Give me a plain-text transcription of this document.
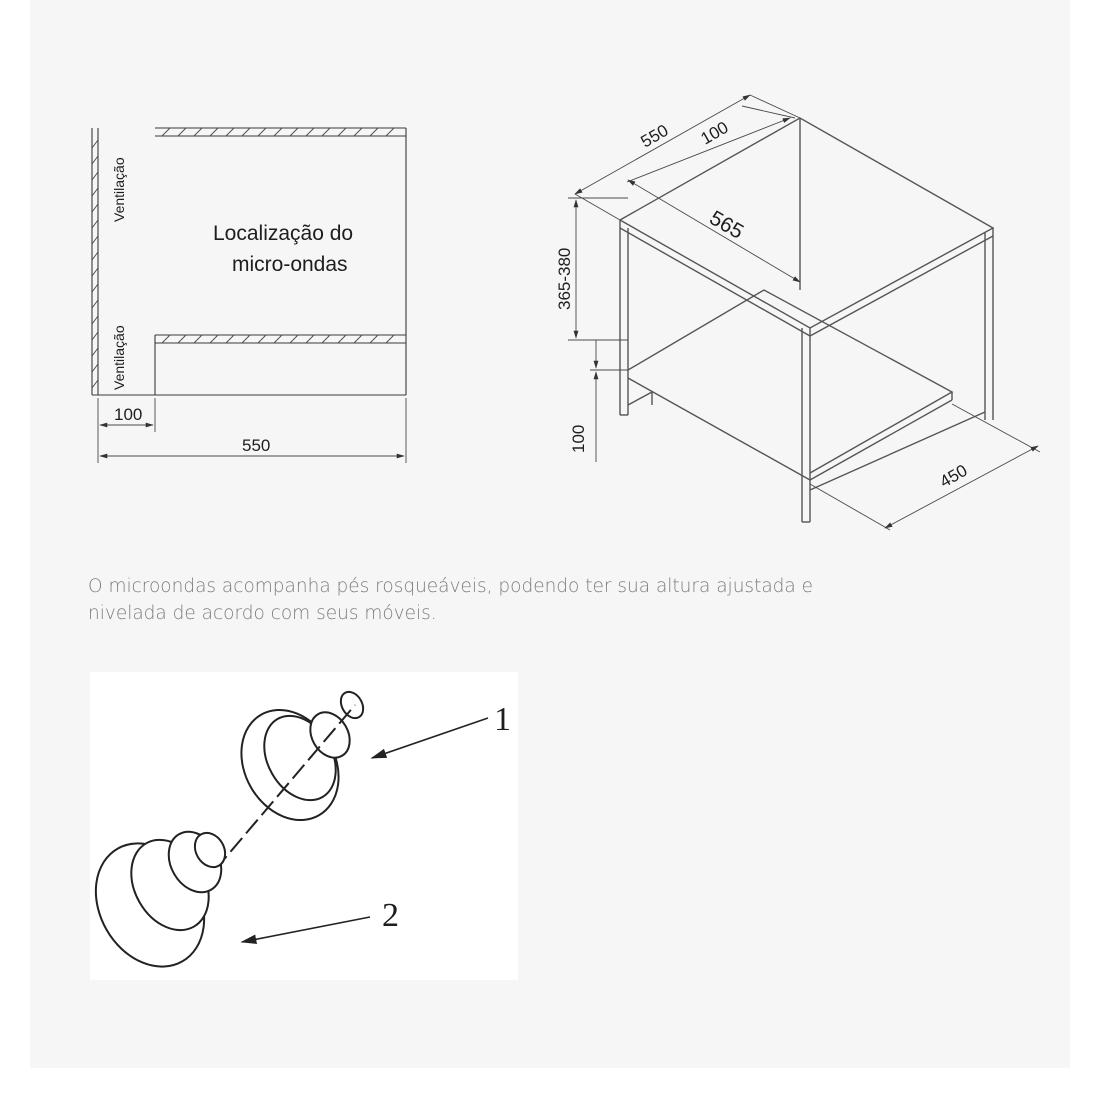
Ventilação
Ventilação
Localização do
micro-ondas
100
550
550 100
565
365-380
100
450

O microondas acompanha pés rosqueáveis, podendo ter sua altura ajustada e nivelada de acordo com seus móveis.

1
2
